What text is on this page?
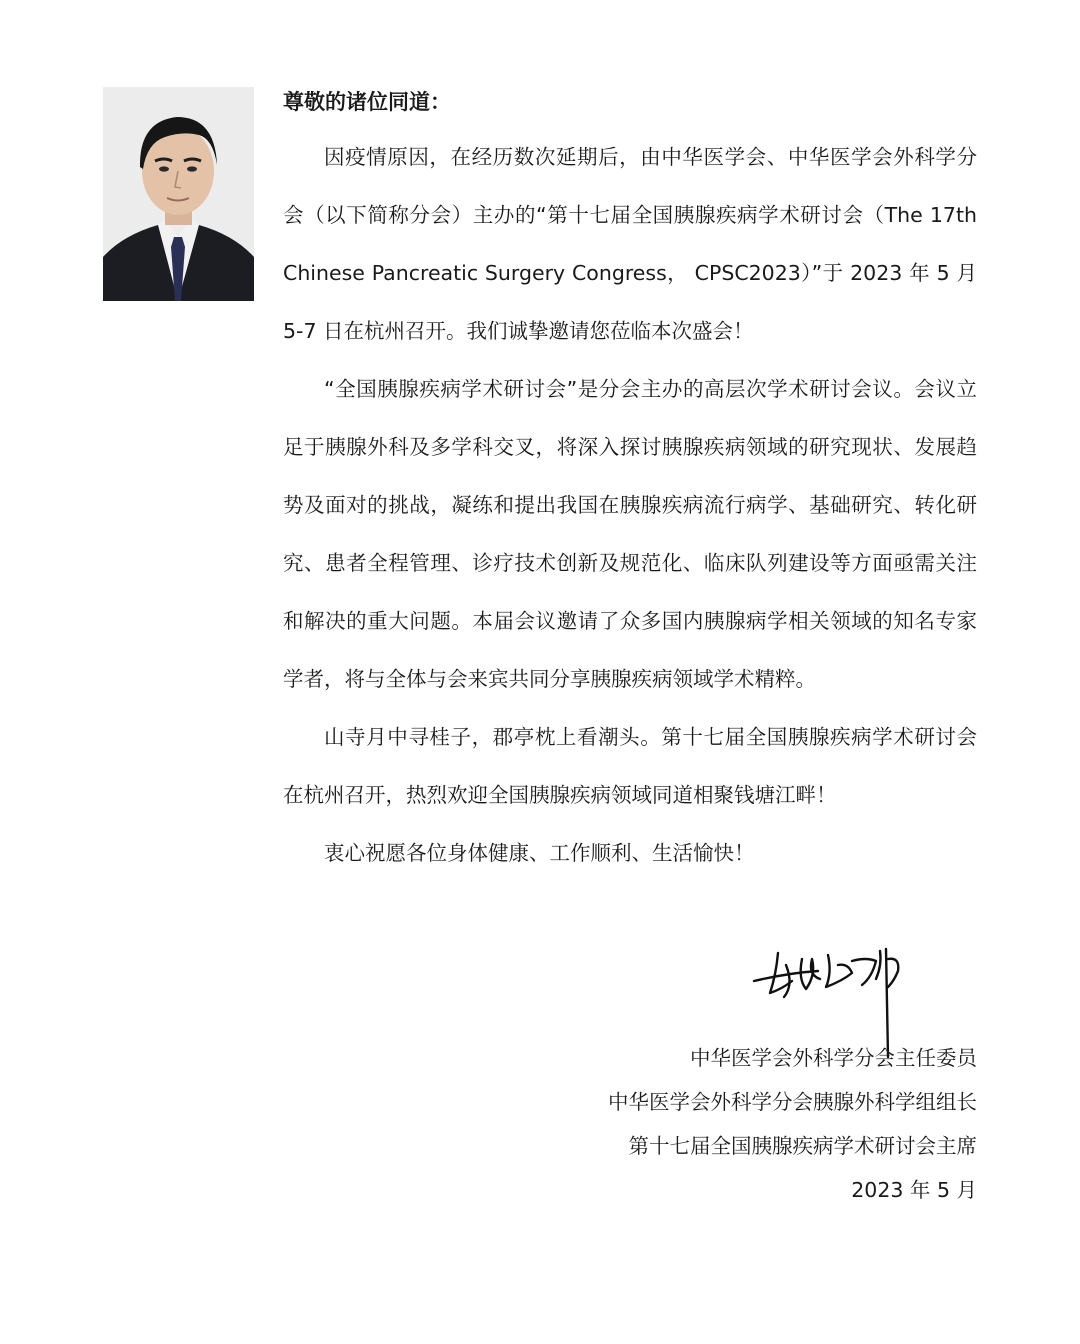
尊敬的诸位同道：

因疫情原因，在经历数次延期后，由中华医学会、中华医学会外科学分会（以下简称分会）主办的“第十七届全国胰腺疾病学术研讨会（The 17th Chinese Pancreatic Surgery Congress， CPSC2023）”于 2023 年 5 月 5-7 日在杭州召开。我们诚挚邀请您莅临本次盛会！

“全国胰腺疾病学术研讨会”是分会主办的高层次学术研讨会议。会议立足于胰腺外科及多学科交叉，将深入探讨胰腺疾病领域的研究现状、发展趋势及面对的挑战，凝练和提出我国在胰腺疾病流行病学、基础研究、转化研究、患者全程管理、诊疗技术创新及规范化、临床队列建设等方面亟需关注和解决的重大问题。本届会议邀请了众多国内胰腺病学相关领域的知名专家学者，将与全体与会来宾共同分享胰腺疾病领域学术精粹。

山寺月中寻桂子，郡亭枕上看潮头。第十七届全国胰腺疾病学术研讨会在杭州召开，热烈欢迎全国胰腺疾病领域同道相聚钱塘江畔！

衷心祝愿各位身体健康、工作顺利、生活愉快！

中华医学会外科学分会主任委员
中华医学会外科学分会胰腺外科学组组长
第十七届全国胰腺疾病学术研讨会主席
2023 年 5 月
